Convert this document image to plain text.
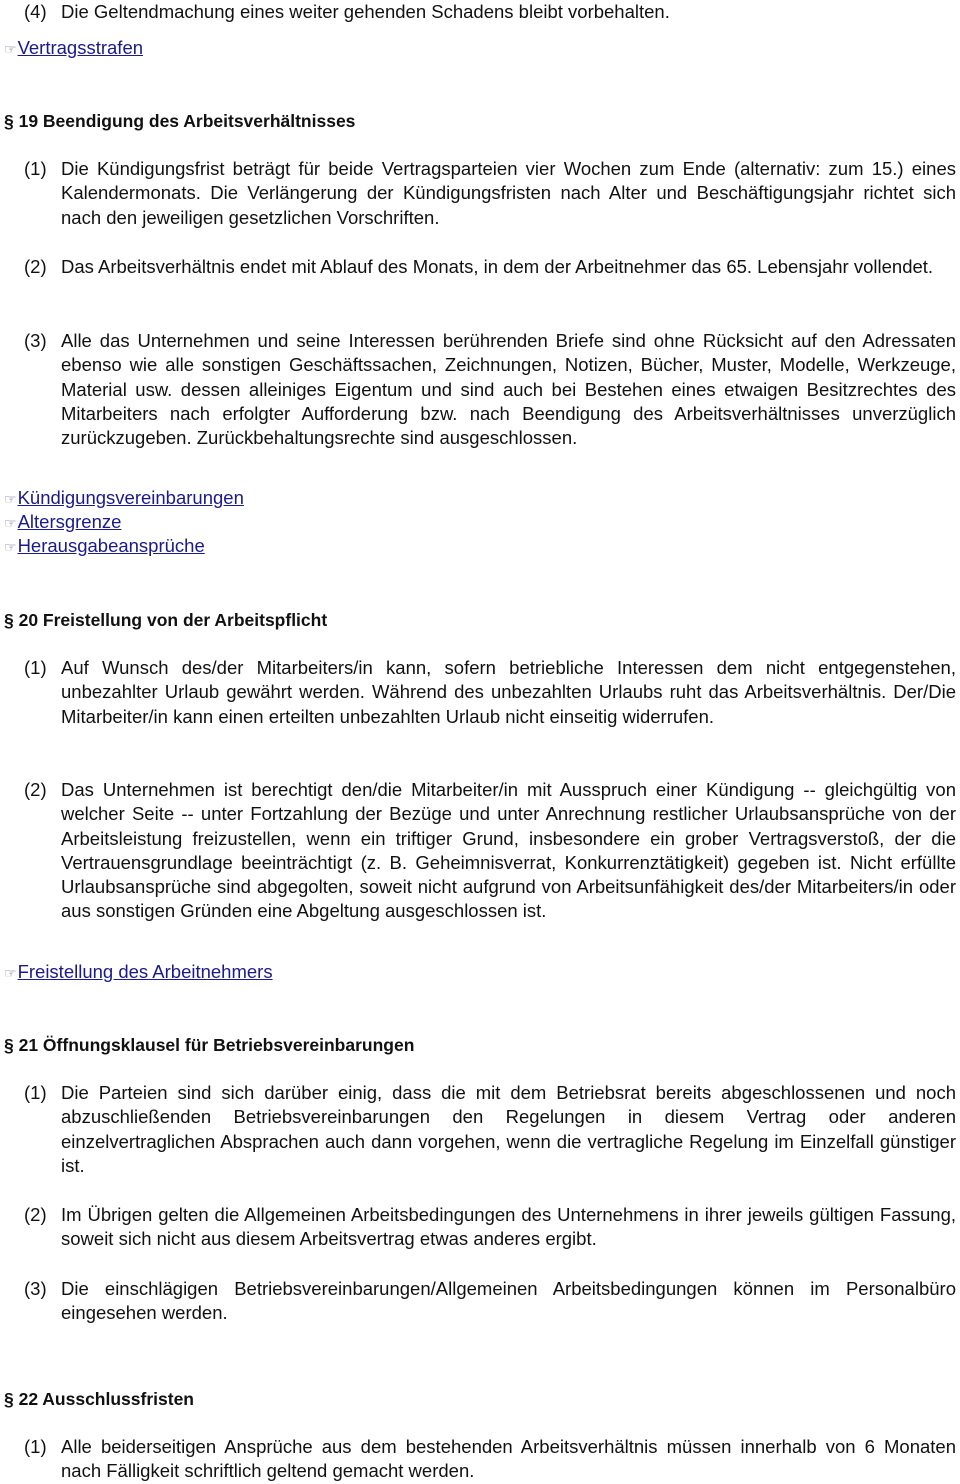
(4) Die Geltendmachung eines weiter gehenden Schadens bleibt vorbehalten.
☞Vertragsstrafen
§ 19 Beendigung des Arbeitsverhältnisses
(1) Die Kündigungsfrist beträgt für beide Vertragsparteien vier Wochen zum Ende (alternativ: zum 15.) eines Kalendermonats. Die Verlängerung der Kündigungsfristen nach Alter und Beschäftigungsjahr richtet sich nach den jeweiligen gesetzlichen Vorschriften.
(2) Das Arbeitsverhältnis endet mit Ablauf des Monats, in dem der Arbeitnehmer das 65. Lebensjahr vollendet.
(3) Alle das Unternehmen und seine Interessen berührenden Briefe sind ohne Rücksicht auf den Adressaten ebenso wie alle sonstigen Geschäftssachen, Zeichnungen, Notizen, Bücher, Muster, Modelle, Werkzeuge, Material usw. dessen alleiniges Eigentum und sind auch bei Bestehen eines etwaigen Besitzrechtes des Mitarbeiters nach erfolgter Aufforderung bzw. nach Beendigung des Arbeitsverhältnisses unverzüglich zurückzugeben. Zurückbehaltungsrechte sind ausgeschlossen.
☞Kündigungsvereinbarungen
☞Altersgrenze
☞Herausgabeansprüche
§ 20 Freistellung von der Arbeitspflicht
(1) Auf Wunsch des/der Mitarbeiters/in kann, sofern betriebliche Interessen dem nicht entgegenstehen, unbezahlter Urlaub gewährt werden. Während des unbezahlten Urlaubs ruht das Arbeitsverhältnis. Der/Die Mitarbeiter/in kann einen erteilten unbezahlten Urlaub nicht einseitig widerrufen.
(2) Das Unternehmen ist berechtigt den/die Mitarbeiter/in mit Ausspruch einer Kündigung -- gleichgültig von welcher Seite -- unter Fortzahlung der Bezüge und unter Anrechnung restlicher Urlaubsansprüche von der Arbeitsleistung freizustellen, wenn ein triftiger Grund, insbesondere ein grober Vertragsverstoß, der die Vertrauensgrundlage beeinträchtigt (z. B. Geheimnisverrat, Konkurrenztätigkeit) gegeben ist. Nicht erfüllte Urlaubsansprüche sind abgegolten, soweit nicht aufgrund von Arbeitsunfähigkeit des/der Mitarbeiters/in oder aus sonstigen Gründen eine Abgeltung ausgeschlossen ist.
☞Freistellung des Arbeitnehmers
§ 21 Öffnungsklausel für Betriebsvereinbarungen
(1) Die Parteien sind sich darüber einig, dass die mit dem Betriebsrat bereits abgeschlossenen und noch abzuschließenden Betriebsvereinbarungen den Regelungen in diesem Vertrag oder anderen einzelvertraglichen Absprachen auch dann vorgehen, wenn die vertragliche Regelung im Einzelfall günstiger ist.
(2) Im Übrigen gelten die Allgemeinen Arbeitsbedingungen des Unternehmens in ihrer jeweils gültigen Fassung, soweit sich nicht aus diesem Arbeitsvertrag etwas anderes ergibt.
(3) Die einschlägigen Betriebsvereinbarungen/Allgemeinen Arbeitsbedingungen können im Personalbüro eingesehen werden.
§ 22 Ausschlussfristen
(1) Alle beiderseitigen Ansprüche aus dem bestehenden Arbeitsverhältnis müssen innerhalb von 6 Monaten nach Fälligkeit schriftlich geltend gemacht werden.
